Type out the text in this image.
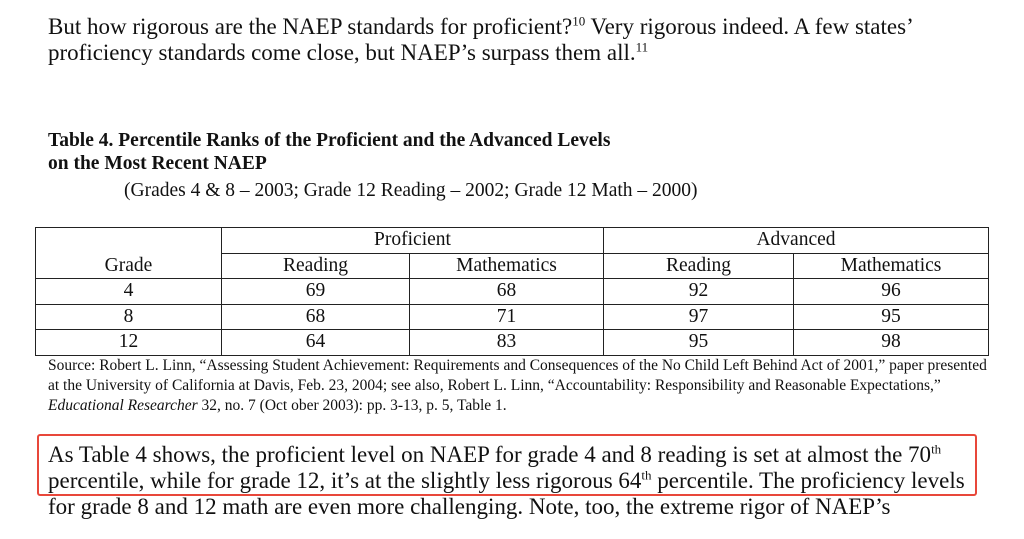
But how rigorous are the NAEP standards for proficient?$^{10}$ Very rigorous indeed. A few states’ proficiency standards come close, but NAEP’s surpass them all.$^{11}$

Table 4. Percentile Ranks of the Proficient and the Advanced Levels
on the Most Recent NAEP

(Grades 4 & 8 – 2003; Grade 12 Reading – 2002; Grade 12 Math – 2000)

	Proficient		Advanced	
Grade	Reading	Mathematics	Reading	Mathematics
4	69	68	92	96
8	68	71	97	95
12	64	83	95	98

Source: Robert L. Linn, “Assessing Student Achievement: Requirements and Consequences of the No Child Left Behind Act of 2001,” paper presented at the University of California at Davis, Feb. 23, 2004; see also, Robert L. Linn, “Accountability: Responsibility and Reasonable Expectations,” Educational Researcher 32, no. 7 (Oct ober 2003): pp. 3-13, p. 5, Table 1.

As Table 4 shows, the proficient level on NAEP for grade 4 and 8 reading is set at almost the 70th percentile, while for grade 12, it’s at the slightly less rigorous 64th percentile. The proficiency levels for grade 8 and 12 math are even more challenging. Note, too, the extreme rigor of NAEP’s
